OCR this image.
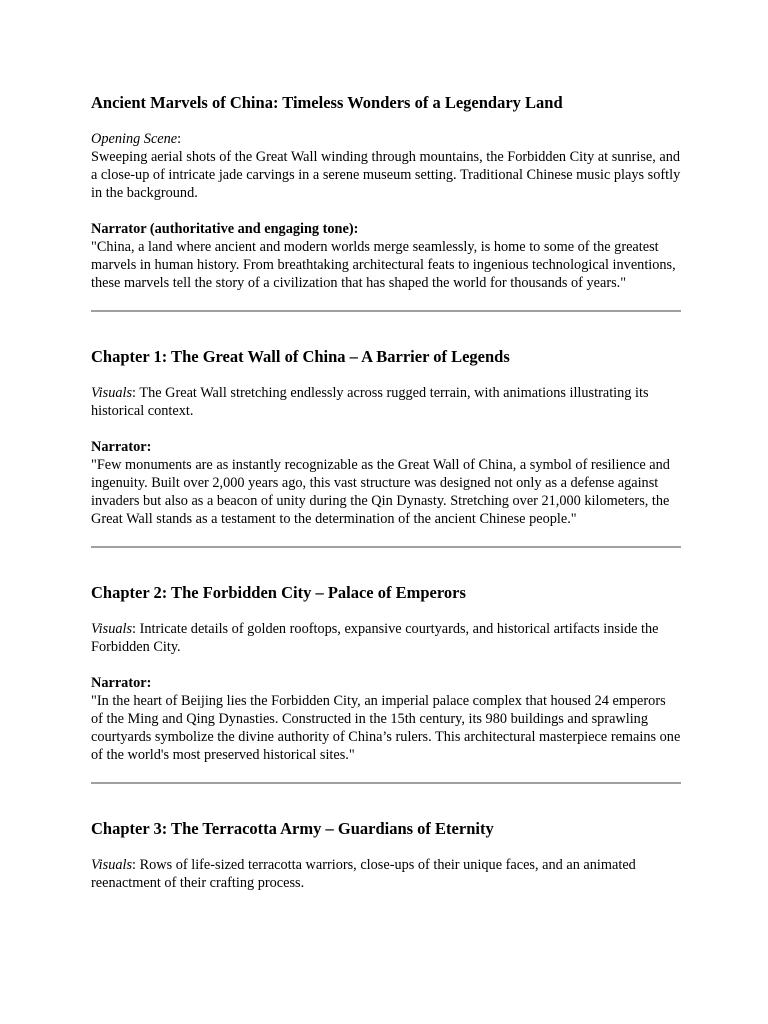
Ancient Marvels of China: Timeless Wonders of a Legendary Land

Opening Scene:

Sweeping aerial shots of the Great Wall winding through mountains, the Forbidden City at sunrise, and a close-up of intricate jade carvings in a serene museum setting. Traditional Chinese music plays softly in the background.

Narrator (authoritative and engaging tone):

"China, a land where ancient and modern worlds merge seamlessly, is home to some of the greatest marvels in human history. From breathtaking architectural feats to ingenious technological inventions, these marvels tell the story of a civilization that has shaped the world for thousands of years."

Chapter 1: The Great Wall of China – A Barrier of Legends

Visuals: The Great Wall stretching endlessly across rugged terrain, with animations illustrating its historical context.

Narrator:

"Few monuments are as instantly recognizable as the Great Wall of China, a symbol of resilience and ingenuity. Built over 2,000 years ago, this vast structure was designed not only as a defense against invaders but also as a beacon of unity during the Qin Dynasty. Stretching over 21,000 kilometers, the Great Wall stands as a testament to the determination of the ancient Chinese people."

Chapter 2: The Forbidden City – Palace of Emperors

Visuals: Intricate details of golden rooftops, expansive courtyards, and historical artifacts inside the Forbidden City.

Narrator:

"In the heart of Beijing lies the Forbidden City, an imperial palace complex that housed 24 emperors of the Ming and Qing Dynasties. Constructed in the 15th century, its 980 buildings and sprawling courtyards symbolize the divine authority of China’s rulers. This architectural masterpiece remains one of the world's most preserved historical sites."

Chapter 3: The Terracotta Army – Guardians of Eternity

Visuals: Rows of life-sized terracotta warriors, close-ups of their unique faces, and an animated reenactment of their crafting process.
